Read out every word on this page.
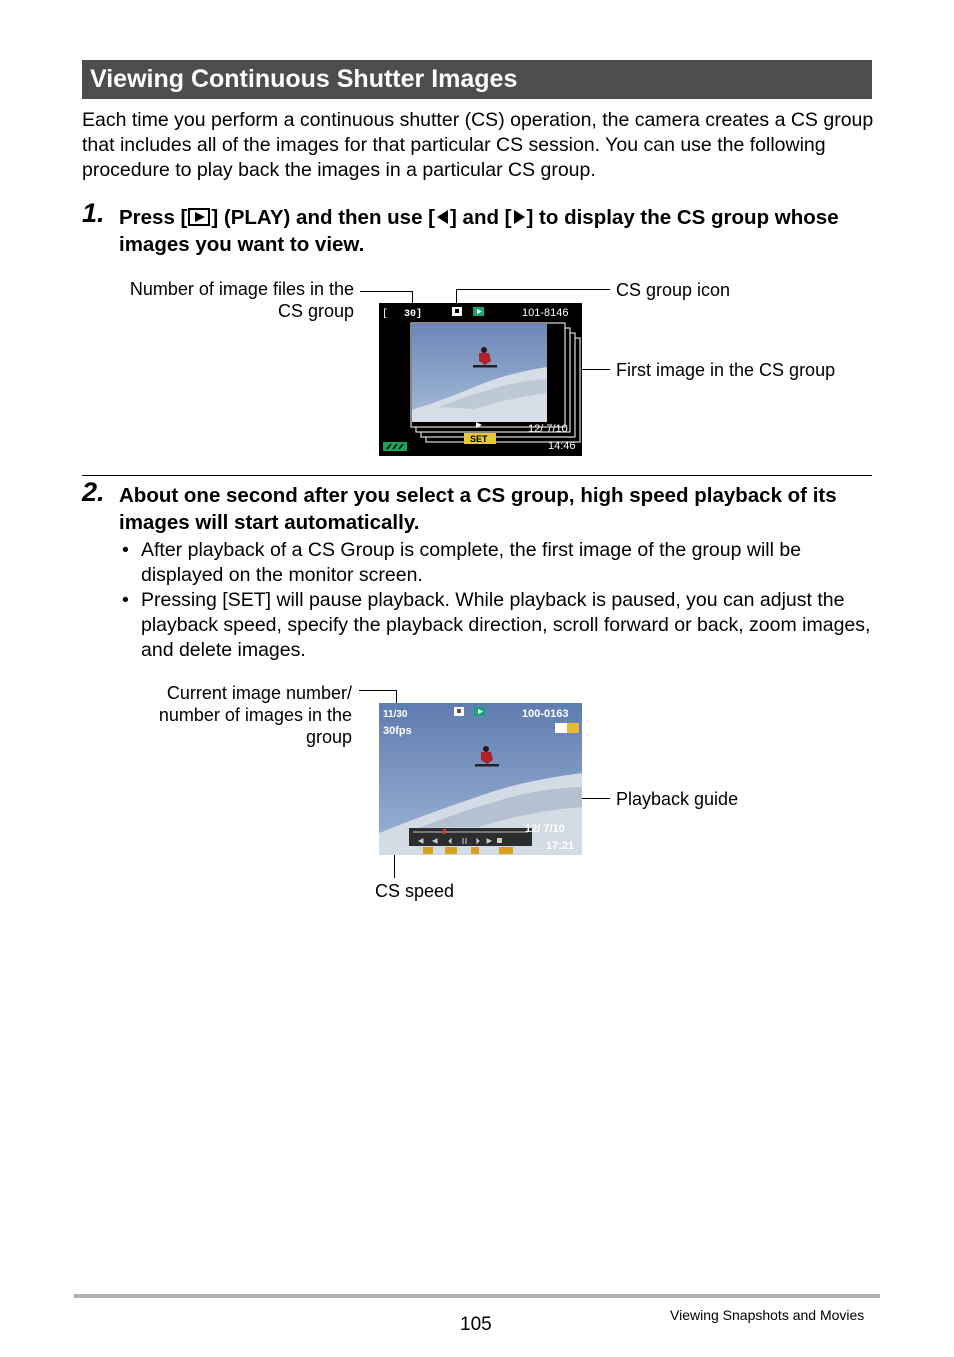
Viewing Continuous Shutter Images

Each time you perform a continuous shutter (CS) operation, the camera creates a CS group that includes all of the images for that particular CS session. You can use the following procedure to play back the images in a particular CS group.

1. Press [ ] (PLAY) and then use [ ] and [ ] to display the CS group whose images you want to view.

Number of image files in the CS group
CS group icon
First image in the CS group
[ 30]	101-8146
SET
12/ 7/10
14:46
2. About one second after you select a CS group, high speed playback of its images will start automatically.

• After playback of a CS Group is complete, the first image of the group will be displayed on the monitor screen.
• Pressing [SET] will pause playback. While playback is paused, you can adjust the playback speed, specify the playback direction, scroll forward or back, zoom images, and delete images.
Current image number/ number of images in the group
Playback guide
CS speed
11/30
30fps
100-0163
12/ 7/10
17:21
105	Viewing Snapshots and Movies
